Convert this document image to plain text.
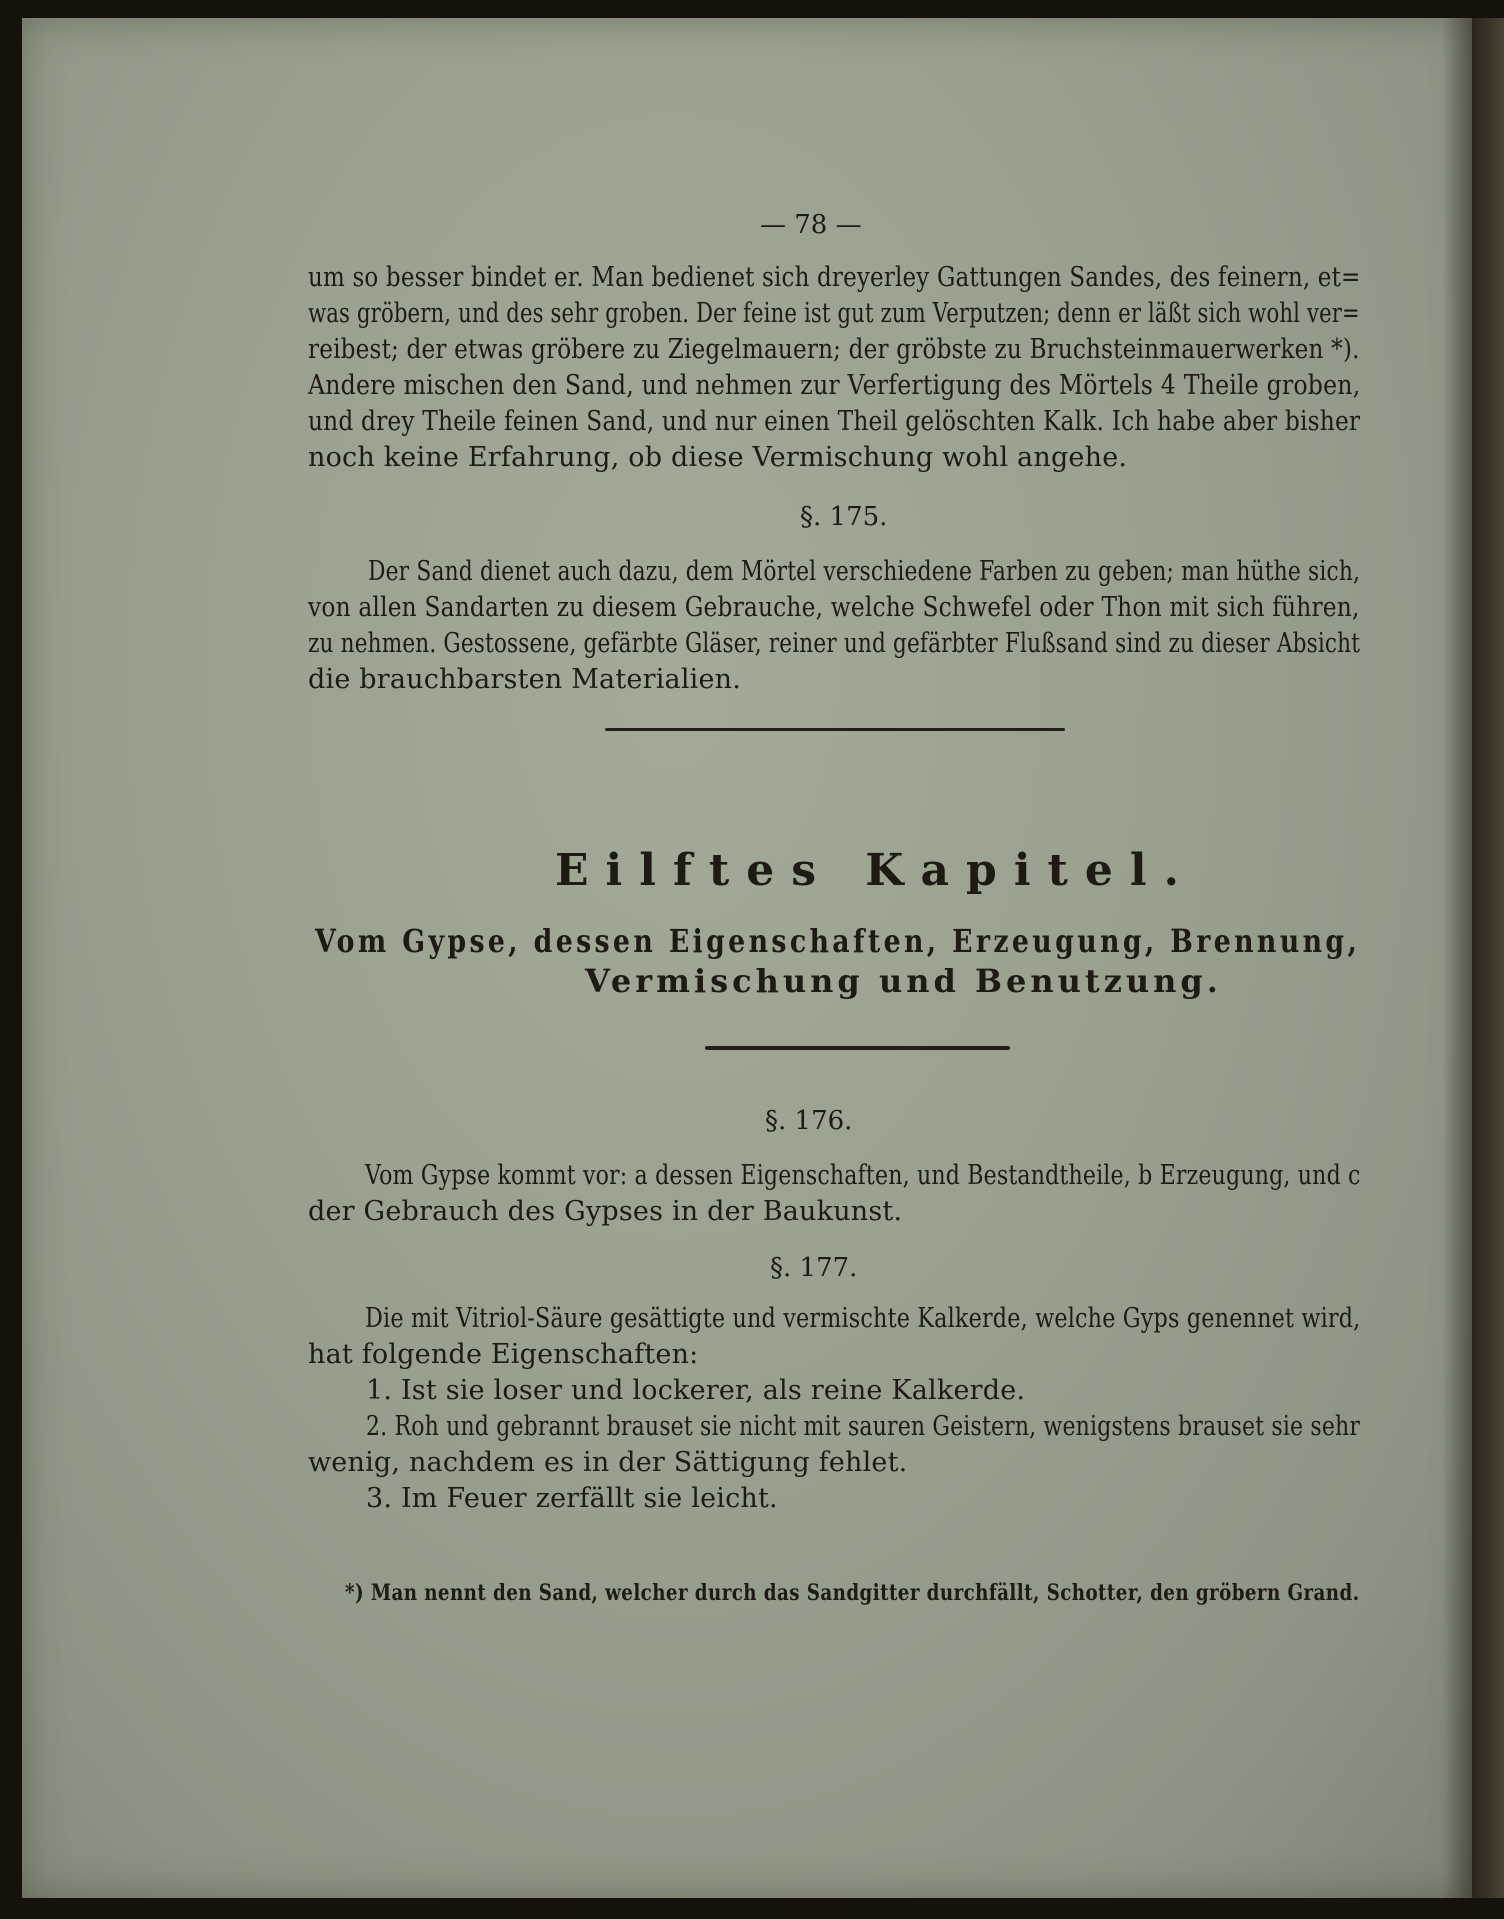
— 78 —
um so besser bindet er. Man bedienet sich dreyerley Gattungen Sandes, des feinern, et=
was gröbern, und des sehr groben. Der feine ist gut zum Verputzen; denn er läßt sich wohl ver=
reibest; der etwas gröbere zu Ziegelmauern; der gröbste zu Bruchsteinmauerwerken *).
Andere mischen den Sand, und nehmen zur Verfertigung des Mörtels 4 Theile groben,
und drey Theile feinen Sand, und nur einen Theil gelöschten Kalk. Ich habe aber bisher
noch keine Erfahrung, ob diese Vermischung wohl angehe.
§. 175.
Der Sand dienet auch dazu, dem Mörtel verschiedene Farben zu geben; man hüthe sich,
von allen Sandarten zu diesem Gebrauche, welche Schwefel oder Thon mit sich führen,
zu nehmen. Gestossene, gefärbte Gläser, reiner und gefärbter Flußsand sind zu dieser Absicht
die brauchbarsten Materialien.
Eilftes Kapitel.
Vom Gypse, dessen Eigenschaften, Erzeugung, Brennung,
Vermischung und Benutzung.
§. 176.
Vom Gypse kommt vor: a dessen Eigenschaften, und Bestandtheile, b Erzeugung, und c
der Gebrauch des Gypses in der Baukunst.
§. 177.
Die mit Vitriol-Säure gesättigte und vermischte Kalkerde, welche Gyps genennet wird,
hat folgende Eigenschaften:
1. Ist sie loser und lockerer, als reine Kalkerde.
2. Roh und gebrannt brauset sie nicht mit sauren Geistern, wenigstens brauset sie sehr
wenig, nachdem es in der Sättigung fehlet.
3. Im Feuer zerfällt sie leicht.
*) Man nennt den Sand, welcher durch das Sandgitter durchfällt, Schotter, den gröbern Grand.
